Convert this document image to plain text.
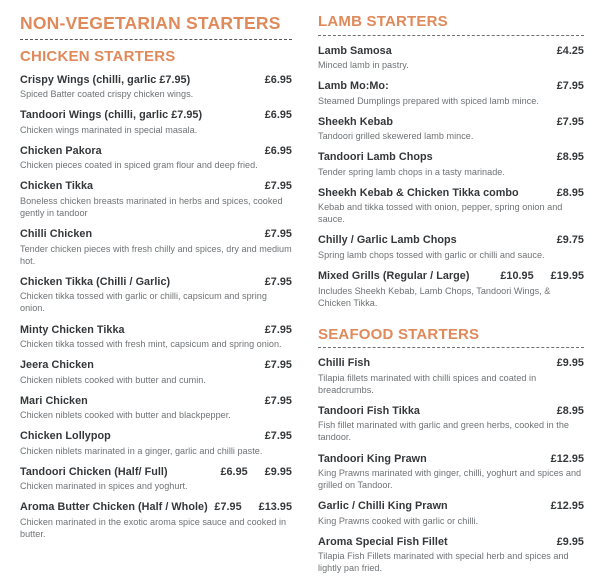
NON-VEGETARIAN STARTERS
CHICKEN STARTERS
Crispy Wings (chilli, garlic £7.95)	£6.95
Spiced Batter coated crispy chicken wings.
Tandoori Wings (chilli, garlic £7.95)	£6.95
Chicken wings marinated in special masala.
Chicken Pakora	£6.95
Chicken pieces coated in spiced gram flour and deep fried.
Chicken Tikka	£7.95
Boneless chicken breasts marinated in herbs and spices, cooked gently in tandoor
Chilli Chicken	£7.95
Tender chicken pieces with fresh chilly and spices, dry and medium hot.
Chicken Tikka (Chilli / Garlic)	£7.95
Chicken tikka tossed with garlic or chilli, capsicum and spring onion.
Minty Chicken Tikka	£7.95
Chicken tikka tossed with fresh mint, capsicum and spring onion.
Jeera Chicken	£7.95
Chicken niblets cooked with butter and cumin.
Mari Chicken	£7.95
Chicken niblets cooked with butter and blackpepper.
Chicken Lollypop	£7.95
Chicken niblets marinated in a ginger, garlic and chilli paste.
Tandoori Chicken (Half/ Full)	£6.95 £9.95
Chicken marinated in spices and yoghurt.
Aroma Butter Chicken (Half / Whole) £7.95 £13.95
Chicken marinated in the exotic aroma spice sauce and cooked in butter.
LAMB STARTERS
Lamb Samosa	£4.25
Minced lamb in pastry.
Lamb Mo:Mo:	£7.95
Steamed Dumplings prepared with spiced lamb mince.
Sheekh Kebab	£7.95
Tandoori grilled skewered lamb mince.
Tandoori Lamb Chops	£8.95
Tender spring lamb chops in a tasty marinade.
Sheekh Kebab & Chicken Tikka combo	£8.95
Kebab and tikka tossed with onion, pepper, spring onion and sauce.
Chilly / Garlic Lamb Chops	£9.75
Spring lamb chops tossed with garlic or chilli and sauce.
Mixed Grills (Regular / Large)	£10.95 £19.95
Includes Sheekh Kebab, Lamb Chops, Tandoori Wings, & Chicken Tikka.
SEAFOOD STARTERS
Chilli Fish	£9.95
Tilapia fillets marinated with chilli spices and coated in breadcrumbs.
Tandoori Fish Tikka	£8.95
Fish fillet marinated with garlic and green herbs, cooked in the tandoor.
Tandoori King Prawn	£12.95
King Prawns marinated with ginger, chilli, yoghurt and spices and grilled on Tandoor.
Garlic / Chilli King Prawn	£12.95
King Prawns cooked with garlic or chilli.
Aroma Special Fish Fillet	£9.95
Tilapia Fish Fillets marinated with special herb and spices and lightly pan fried.
